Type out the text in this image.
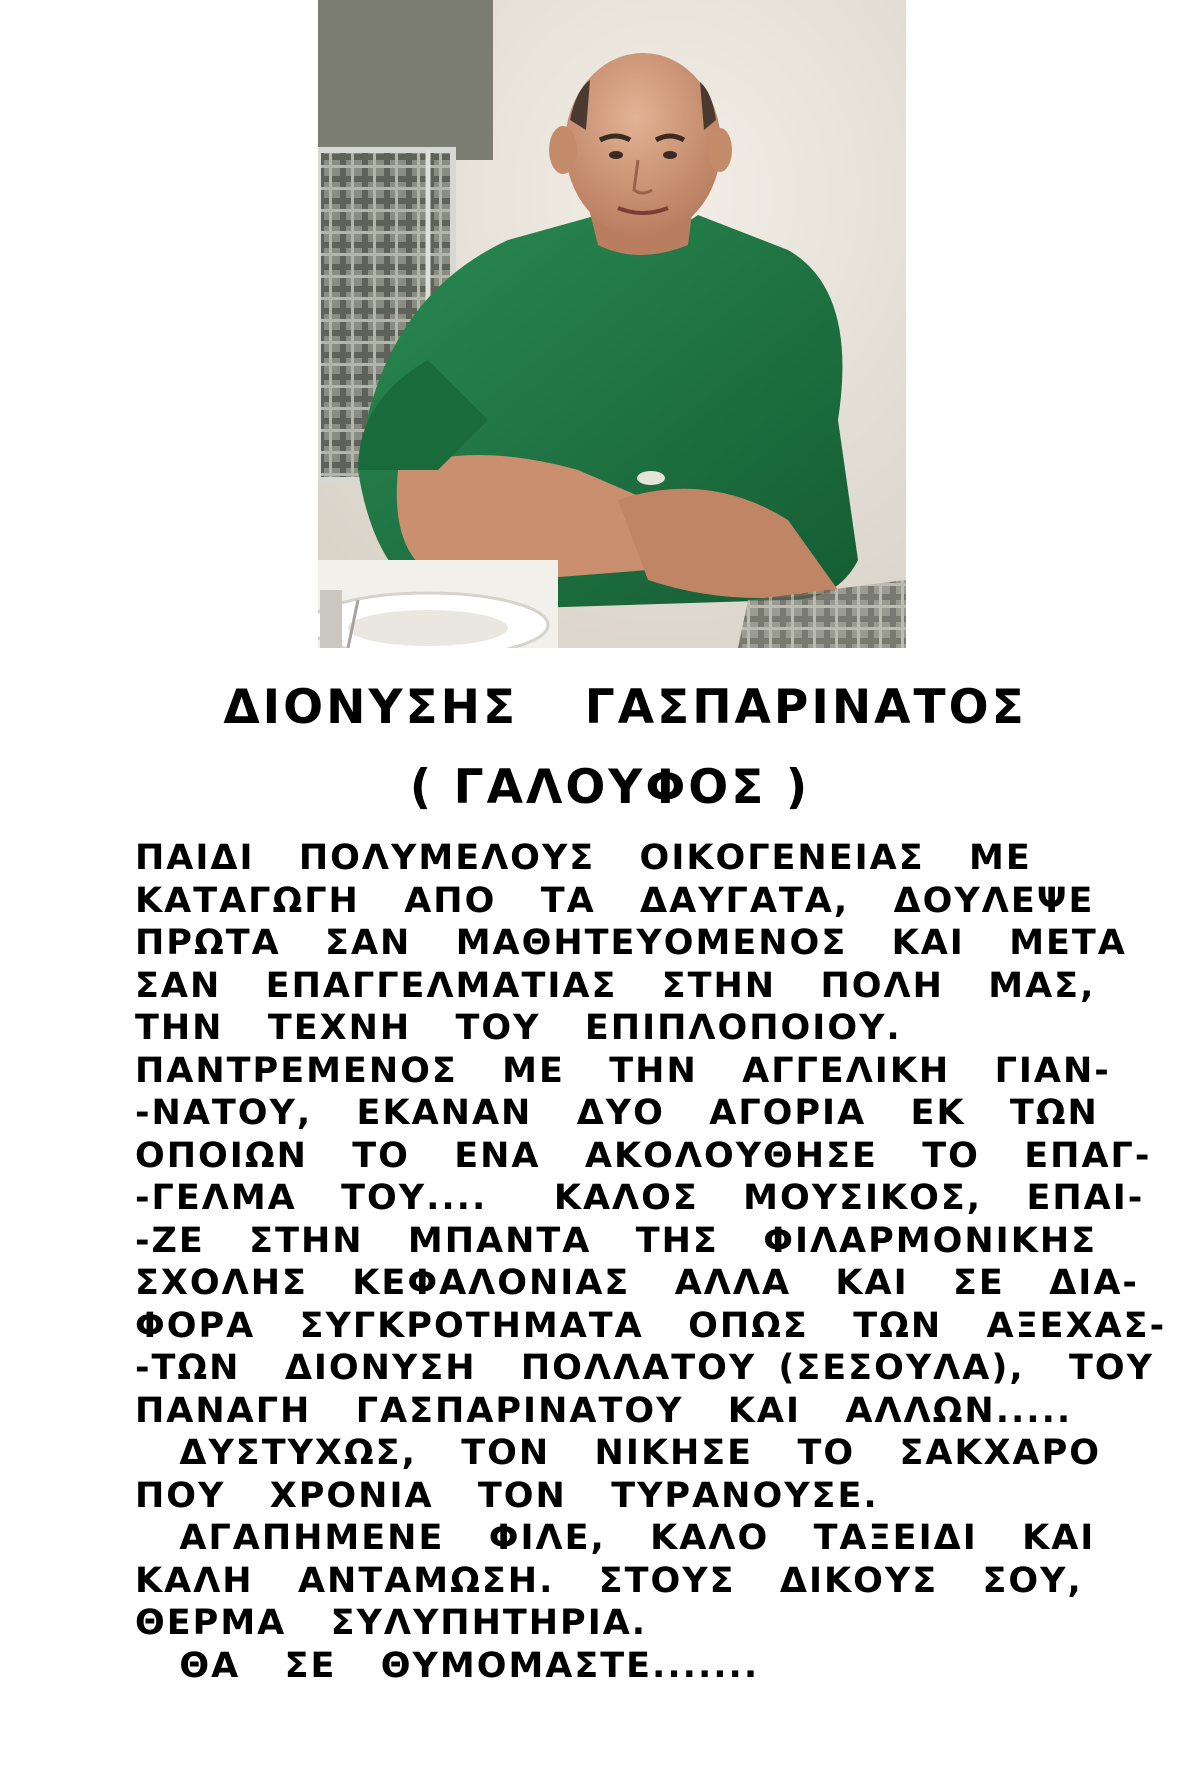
ΔΙΟΝΥΣΗΣ  ΓΑΣΠΑΡΙΝΑΤΟΣ
( ΓΑΛΟΥΦΟΣ )
ΠΑΙΔΙ  ΠΟΛΥΜΕΛΟΥΣ  ΟΙΚΟΓΕΝΕΙΑΣ  ΜΕ
ΚΑΤΑΓΩΓΗ  ΑΠΟ  ΤΑ  ΔΑΥΓΑΤΑ,  ΔΟΥΛΕΨΕ
ΠΡΩΤΑ  ΣΑΝ  ΜΑΘΗΤΕΥΟΜΕΝΟΣ  ΚΑΙ  ΜΕΤΑ
ΣΑΝ  ΕΠΑΓΓΕΛΜΑΤΙΑΣ  ΣΤΗΝ  ΠΟΛΗ  ΜΑΣ,
ΤΗΝ  ΤΕΧΝΗ  ΤΟΥ  ΕΠΙΠΛΟΠΟΙΟΥ.
ΠΑΝΤΡΕΜΕΝΟΣ  ΜΕ  ΤΗΝ  ΑΓΓΕΛΙΚΗ  ΓΙΑΝ-
-ΝΑΤΟΥ,  ΕΚΑΝΑΝ  ΔΥΟ  ΑΓΟΡΙΑ  ΕΚ  ΤΩΝ
ΟΠΟΙΩΝ  ΤΟ  ΕΝΑ  ΑΚΟΛΟΥΘΗΣΕ  ΤΟ  ΕΠΑΓ-
-ΓΕΛΜΑ  ΤΟΥ....   ΚΑΛΟΣ  ΜΟΥΣΙΚΟΣ,  ΕΠΑΙ-
-ΖΕ  ΣΤΗΝ  ΜΠΑΝΤΑ  ΤΗΣ  ΦΙΛΑΡΜΟΝΙΚΗΣ
ΣΧΟΛΗΣ  ΚΕΦΑΛΟΝΙΑΣ  ΑΛΛΑ  ΚΑΙ  ΣΕ  ΔΙΑ-
ΦΟΡΑ  ΣΥΓΚΡΟΤΗΜΑΤΑ  ΟΠΩΣ  ΤΩΝ  ΑΞΕΧΑΣ-
-ΤΩΝ  ΔΙΟΝΥΣΗ  ΠΟΛΛΑΤΟΥ (ΣΕΣΟΥΛΑ),  ΤΟΥ
ΠΑΝΑΓΗ  ΓΑΣΠΑΡΙΝΑΤΟΥ  ΚΑΙ  ΑΛΛΩΝ.....
ΔΥΣΤΥΧΩΣ,  ΤΟΝ  ΝΙΚΗΣΕ  ΤΟ  ΣΑΚΧΑΡΟ
ΠΟΥ  ΧΡΟΝΙΑ  ΤΟΝ  ΤΥΡΑΝΟΥΣΕ.
ΑΓΑΠΗΜΕΝΕ  ΦΙΛΕ,  ΚΑΛΟ  ΤΑΞΕΙΔΙ  ΚΑΙ
ΚΑΛΗ  ΑΝΤΑΜΩΣΗ.  ΣΤΟΥΣ  ΔΙΚΟΥΣ  ΣΟΥ,
ΘΕΡΜΑ  ΣΥΛΥΠΗΤΗΡΙΑ.
ΘΑ  ΣΕ  ΘΥΜΟΜΑΣΤΕ.......
